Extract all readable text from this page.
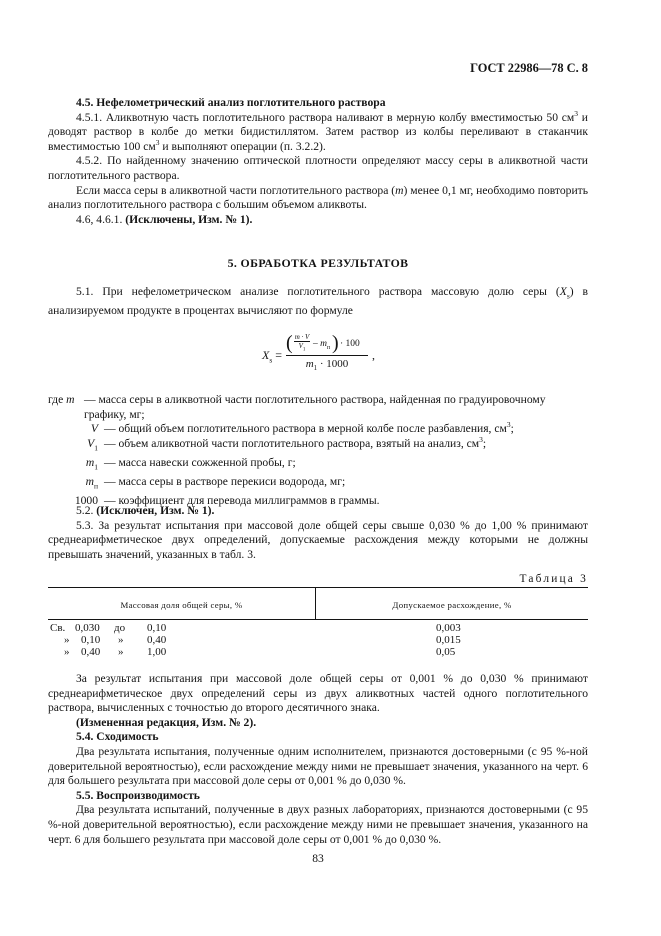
ГОСТ 22986—78 С. 8

4.5. Нефелометрический анализ поглотительного раствора

4.5.1. Аликвотную часть поглотительного раствора наливают в мерную колбу вместимостью 50 $см^3$ и доводят раствор в колбе до метки бидистиллятом. Затем раствор из колбы переливают в стаканчик вместимостью 100 $см^3$ и выполняют операции (п. 3.2.2).

4.5.2. По найденному значению оптической плотности определяют массу серы в аликвотной части поглотительного раствора.

Если масса серы в аликвотной части поглотительного раствора (m) менее 0,1 мг, необходимо повторить анализ поглотительного раствора с большим объемом аликвоты.

4.6, 4.6.1. (Исключены, Изм. № 1).

5. ОБРАБОТКА РЕЗУЛЬТАТОВ

5.1. При нефелометрическом анализе поглотительного раствора массовую долю серы $(X_s)$ в анализируемом продукте в процентах вычисляют по формуле

$X_s$ =
( m · V
$V_1$
– $m_п$ ) · 100
$m_1 \cdot 1000$
,
где m — масса серы в аликвотной части поглотительного раствора, найденная по градуировочному графику, мг;
V — общий объем поглотительного раствора в мерной колбе после разбавления, $см^3$;
$V_1$ — объем аликвотной части поглотительного раствора, взятый на анализ, $см^3$;
$m_1$ — масса навески сожженной пробы, г;
$m_п$ — масса серы в растворе перекиси водорода, мг;
1000 — коэффициент для перевода миллиграммов в граммы.

5.2. (Исключен, Изм. № 1).

5.3. За результат испытания при массовой доле общей серы свыше 0,030 % до 1,00 % принимают среднеарифметическое двух определений, допускаемые расхождения между которыми не должны превышать значений, указанных в табл. 3.

Таблица 3
Массовая доля общей серы, %	Допускаемое расхождение, %
Св. 0,030 до 0,10	0,003
» 0,10 » 0,40	0,015
» 0,40 » 1,00	0,05

За результат испытания при массовой доле общей серы от 0,001 % до 0,030 % принимают среднеарифметическое двух определений серы из двух аликвотных частей одного поглотительного раствора, вычисленных с точностью до второго десятичного знака.

(Измененная редакция, Изм. № 2).

5.4. Сходимость

Два результата испытания, полученные одним исполнителем, признаются достоверными (с 95 %-ной доверительной вероятностью), если расхождение между ними не превышает значения, указанного на черт. 6 для большего результата при массовой доле серы от 0,001 % до 0,030 %.

5.5. Воспроизводимость

Два результата испытаний, полученные в двух разных лабораториях, признаются достоверными (с 95 %-ной доверительной вероятностью), если расхождение между ними не превышает значения, указанного на черт. 6 для большего результата при массовой доле серы от 0,001 % до 0,030 %.

83
